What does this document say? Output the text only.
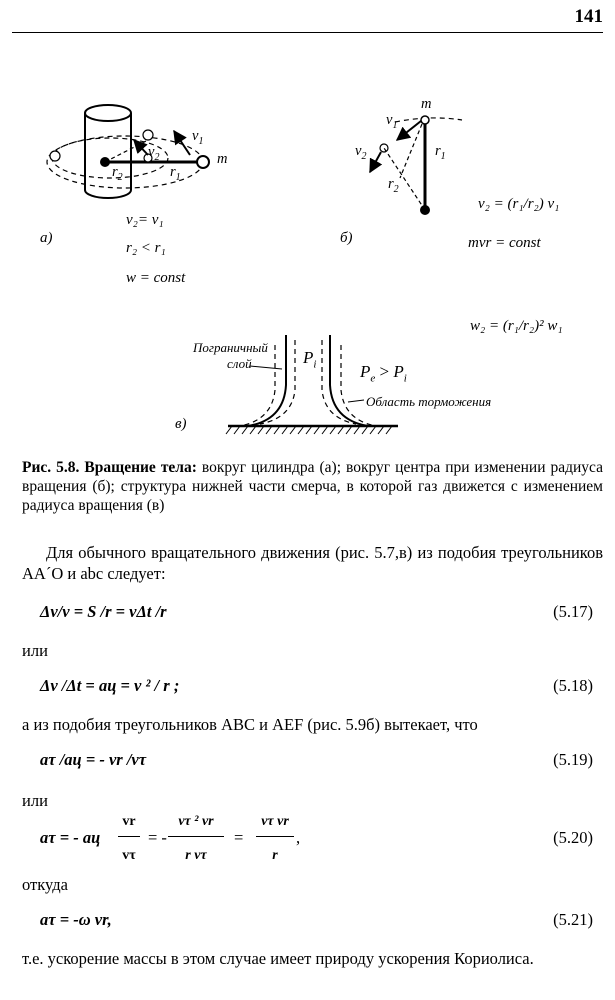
141
а)	б)
в)
m
$r_1$
$r_2$
$v_1$
$v_2$
v₂= v₁
r₂ < r₁
w = const
m
$v_1$
$v_2$	$r_1$
$r_2$
v₂ = (r₁/r₂) v₁
mvr = const
w₂ = (r₁/r₂)² w₁
Пограничный
слой	$P_i$	$P_e > P_i$
Область торможения
Рис. 5.8. Вращение тела: вокруг цилиндра (а); вокруг центра при изменении радиуса вращения (б); структура нижней части смерча, в которой газ движется с изменением радиуса вращения (в)
Для обычного вращательного движения (рис. 5.7,в) из подобия треугольников AA´O и abc следует:
Δv/v = S /r = vΔt /r	(5.17)
или
Δv /Δt = aц = v ² / r ;	(5.18)
а из подобия треугольников ABC и AEF (рис. 5.9б) вытекает, что
aτ /aц = - vr /vτ	(5.19)
или
aτ = - aц
vr
vτ
= -
vτ ² vr
r vτ
=
vτ vr
r
,	(5.20)
откуда
aτ = -ω vr,	(5.21)
т.е. ускорение массы в этом случае имеет природу ускорения Кориолиса.
